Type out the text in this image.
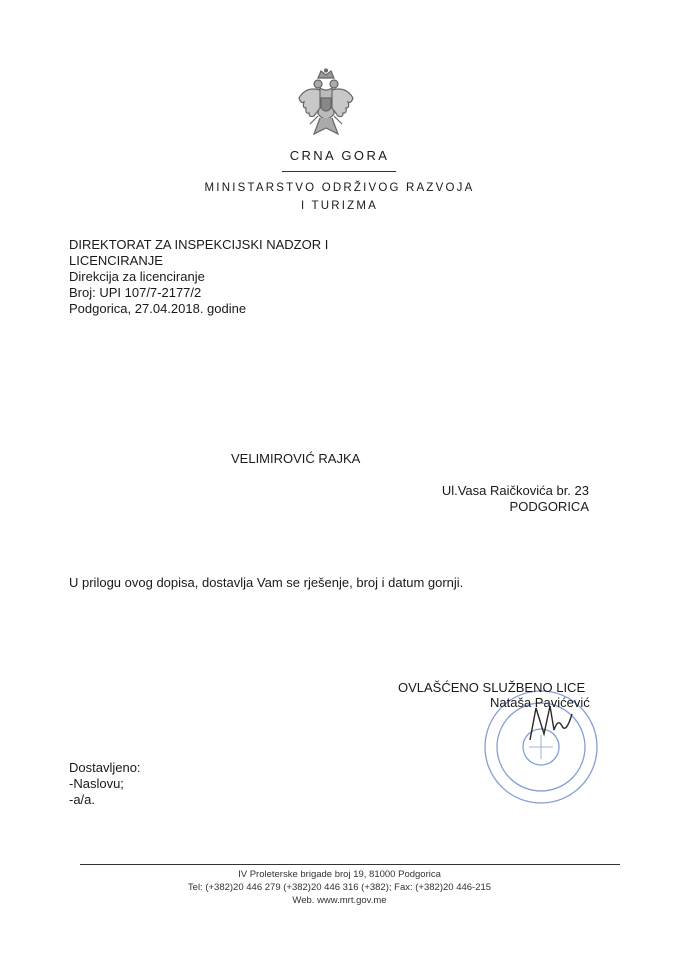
CRNA GORA
MINISTARSTVO ODRŽIVOG RAZVOJA
I TURIZMA
DIREKTORAT ZA INSPEKCIJSKI NADZOR I
LICENCIRANJE
Direkcija za licenciranje
Broj: UPI 107/7-2177/2
Podgorica, 27.04.2018. godine
VELIMIROVIĆ RAJKA
Ul.Vasa Raičkovića br. 23
PODGORICA
U prilogu ovog dopisa, dostavlja Vam se rješenje, broj i datum gornji.
OVLAŠĆENO SLUŽBENO LICE
Nataša Pavićević
Dostavljeno:
-Naslovu;
-a/a.
IV Proleterske brigade broj 19, 81000 Podgorica
Tel: (+382)20 446 279 (+382)20 446 316 (+382); Fax: (+382)20 446-215
Web. www.mrt.gov.me
